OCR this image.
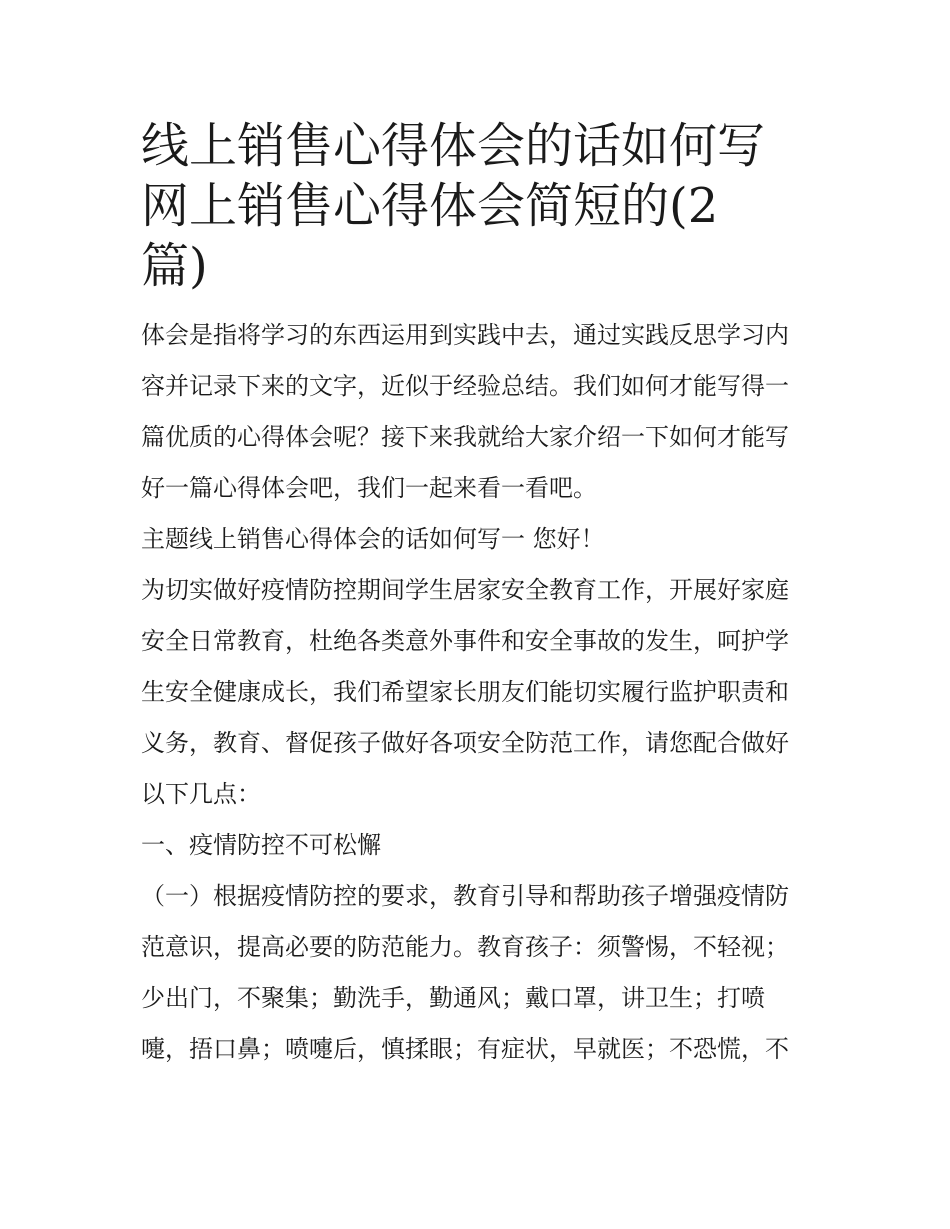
线上销售心得体会的话如何写
网上销售心得体会简短的(2
篇)
体会是指将学习的东西运用到实践中去，通过实践反思学习内
容并记录下来的文字，近似于经验总结。我们如何才能写得一
篇优质的心得体会呢？接下来我就给大家介绍一下如何才能写
好一篇心得体会吧，我们一起来看一看吧。
主题线上销售心得体会的话如何写一 您好！
为切实做好疫情防控期间学生居家安全教育工作，开展好家庭
安全日常教育，杜绝各类意外事件和安全事故的发生，呵护学
生安全健康成长，我们希望家长朋友们能切实履行监护职责和
义务，教育、督促孩子做好各项安全防范工作，请您配合做好
以下几点：
一、疫情防控不可松懈
（一）根据疫情防控的要求，教育引导和帮助孩子增强疫情防
范意识，提高必要的防范能力。教育孩子：须警惕，不轻视；
少出门，不聚集；勤洗手，勤通风；戴口罩，讲卫生；打喷
嚏，捂口鼻；喷嚏后，慎揉眼；有症状，早就医；不恐慌，不
